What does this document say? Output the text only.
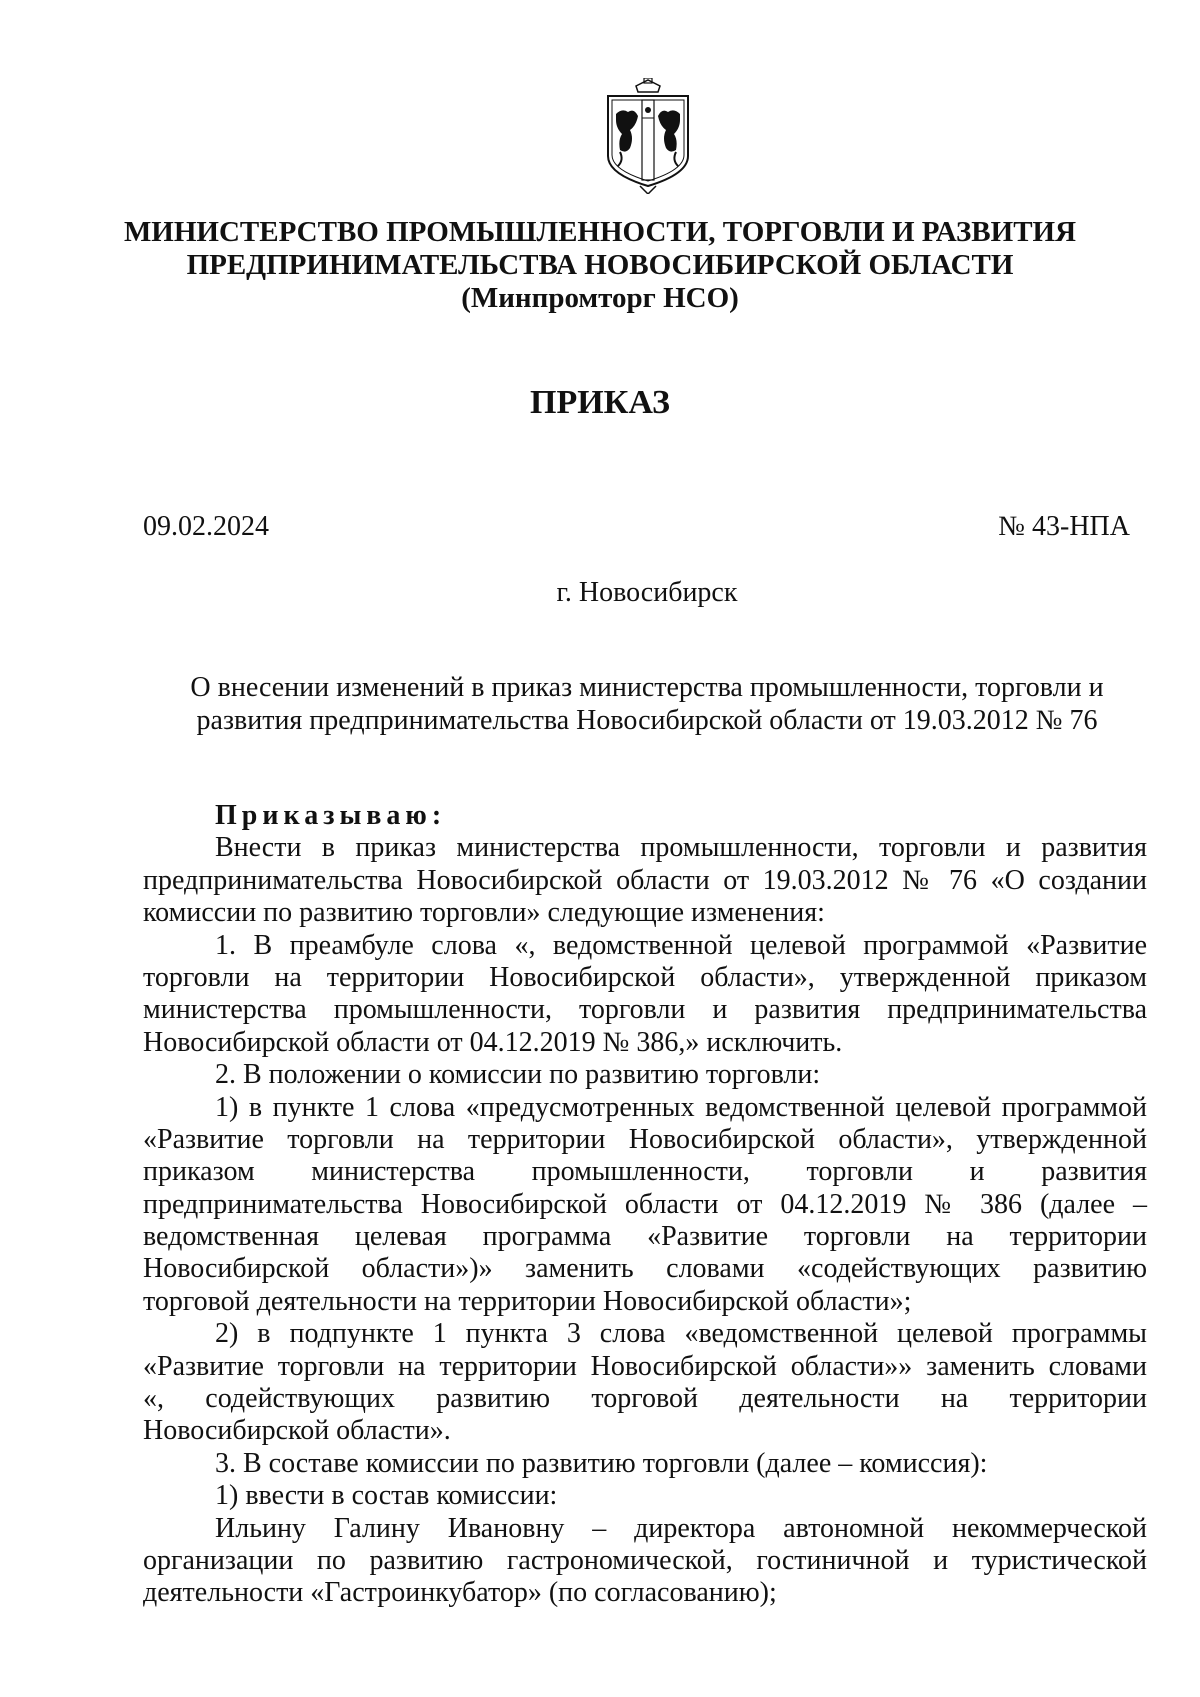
МИНИСТЕРСТВО ПРОМЫШЛЕННОСТИ, ТОРГОВЛИ И РАЗВИТИЯ
ПРЕДПРИНИМАТЕЛЬСТВА НОВОСИБИРСКОЙ ОБЛАСТИ
(Минпромторг НСО)
ПРИКАЗ
09.02.2024	№ 43-НПА
г. Новосибирск
О внесении изменений в приказ министерства промышленности, торговли и
развития предпринимательства Новосибирской области от 19.03.2012 № 76
Приказываю:
Внести в приказ министерства промышленности, торговли и развития
предпринимательства Новосибирской области от 19.03.2012 № 76 «О создании
комиссии по развитию торговли» следующие изменения:
1. В преамбуле слова «, ведомственной целевой программой «Развитие
торговли на территории Новосибирской области», утвержденной приказом
министерства промышленности, торговли и развития предпринимательства
Новосибирской области от 04.12.2019 № 386,» исключить.
2. В положении о комиссии по развитию торговли:
1) в пункте 1 слова «предусмотренных ведомственной целевой программой
«Развитие торговли на территории Новосибирской области», утвержденной
приказом министерства промышленности, торговли и развития
предпринимательства Новосибирской области от 04.12.2019 № 386 (далее –
ведомственная целевая программа «Развитие торговли на территории
Новосибирской области»)» заменить словами «содействующих развитию
торговой деятельности на территории Новосибирской области»;
2) в подпункте 1 пункта 3 слова «ведомственной целевой программы
«Развитие торговли на территории Новосибирской области»» заменить словами
«, содействующих развитию торговой деятельности на территории
Новосибирской области».
3. В составе комиссии по развитию торговли (далее – комиссия):
1) ввести в состав комиссии:
Ильину Галину Ивановну – директора автономной некоммерческой
организации по развитию гастрономической, гостиничной и туристической
деятельности «Гастроинкубатор» (по согласованию);
